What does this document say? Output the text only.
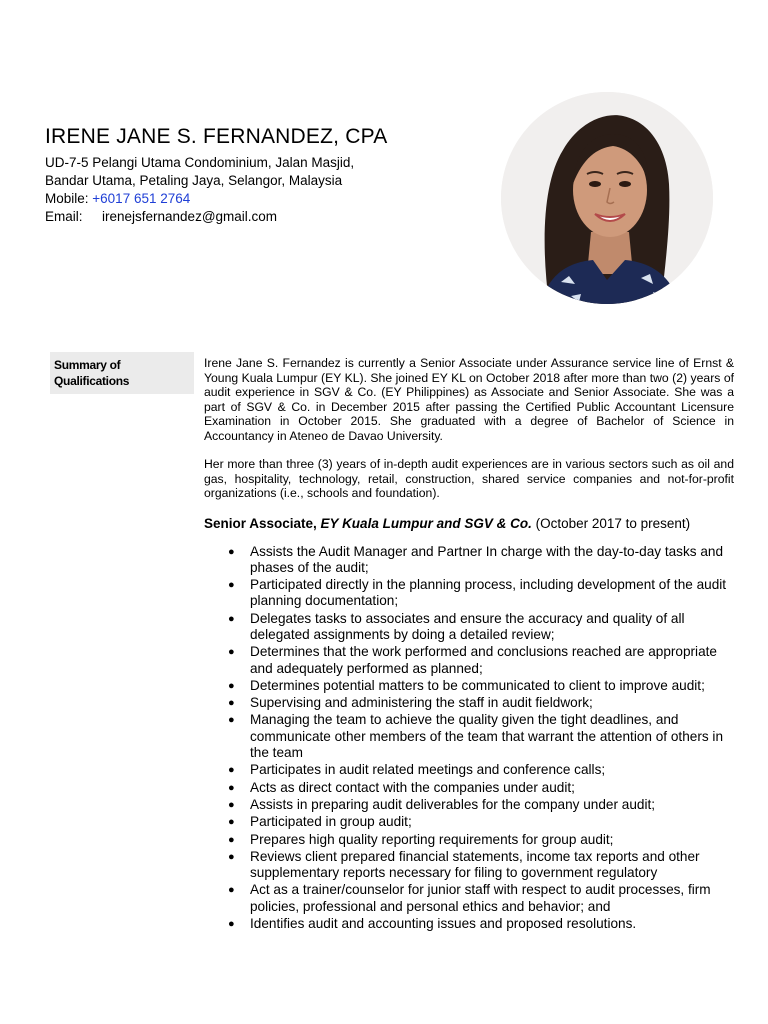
IRENE JANE S. FERNANDEZ, CPA

UD-7-5 Pelangi Utama Condominium, Jalan Masjid,

Bandar Utama, Petaling Jaya, Selangor, Malaysia

Mobile: +6017 651 2764

Email: irenejsfernandez@gmail.com

Summary of Qualifications

Irene Jane S. Fernandez is currently a Senior Associate under Assurance service line of Ernst & Young Kuala Lumpur (EY KL). She joined EY KL on October 2018 after more than two (2) years of audit experience in SGV & Co. (EY Philippines) as Associate and Senior Associate. She was a part of SGV & Co. in December 2015 after passing the Certified Public Accountant Licensure Examination in October 2015. She graduated with a degree of Bachelor of Science in Accountancy in Ateneo de Davao University.

Her more than three (3) years of in-depth audit experiences are in various sectors such as oil and gas, hospitality, technology, retail, construction, shared service companies and not-for-profit organizations (i.e., schools and foundation).

Senior Associate, EY Kuala Lumpur and SGV & Co. (October 2017 to present)

● Assists the Audit Manager and Partner In charge with the day-to-day tasks and phases of the audit;
● Participated directly in the planning process, including development of the audit planning documentation;
● Delegates tasks to associates and ensure the accuracy and quality of all delegated assignments by doing a detailed review;
● Determines that the work performed and conclusions reached are appropriate and adequately performed as planned;
● Determines potential matters to be communicated to client to improve audit;
● Supervising and administering the staff in audit fieldwork;
● Managing the team to achieve the quality given the tight deadlines, and communicate other members of the team that warrant the attention of others in the team
● Participates in audit related meetings and conference calls;
● Acts as direct contact with the companies under audit;
● Assists in preparing audit deliverables for the company under audit;
● Participated in group audit;
● Prepares high quality reporting requirements for group audit;
● Reviews client prepared financial statements, income tax reports and other supplementary reports necessary for filing to government regulatory
● Act as a trainer/counselor for junior staff with respect to audit processes, firm policies, professional and personal ethics and behavior; and
● Identifies audit and accounting issues and proposed resolutions.
